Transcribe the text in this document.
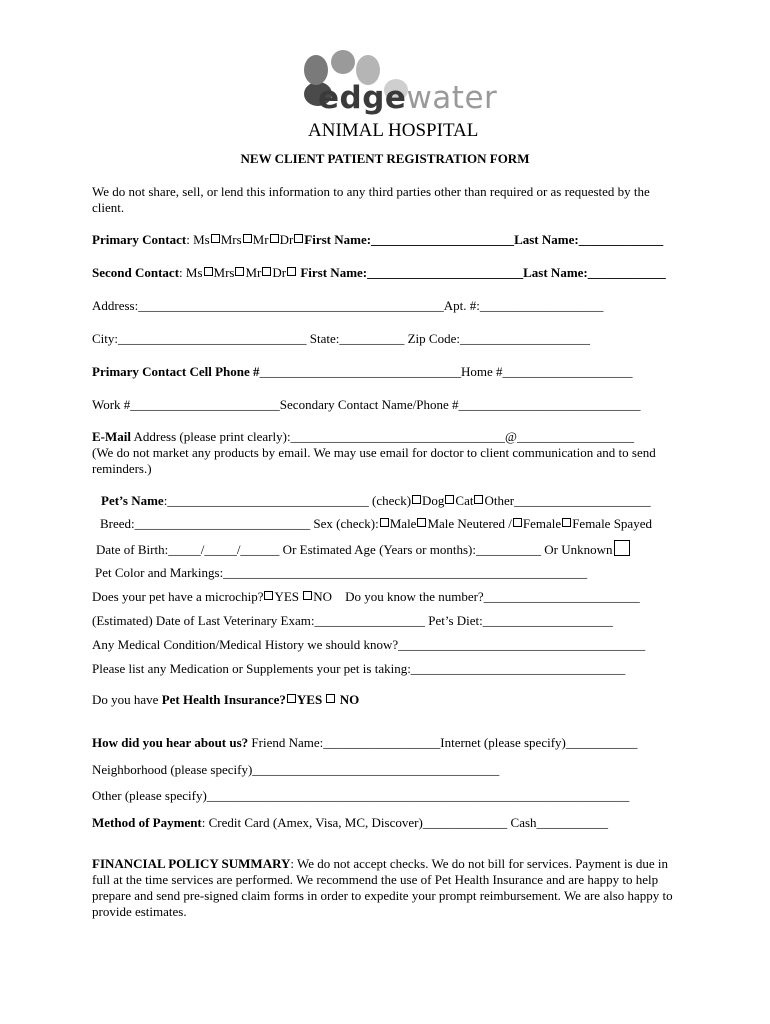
edgewater
ANIMAL HOSPITAL
NEW CLIENT PATIENT REGISTRATION FORM
We do not share, sell, or lend this information to any third parties other than required or as requested by the client.
Primary Contact: Ms Mrs Mr Dr First Name:______________________Last Name:_____________
Second Contact: Ms Mrs Mr Dr First Name:________________________Last Name:____________
Address:_______________________________________________Apt. #:___________________
City:_____________________________ State:__________ Zip Code:____________________
Primary Contact Cell Phone #_______________________________Home #____________________
Work #_______________________Secondary Contact Name/Phone #____________________________
E-Mail Address (please print clearly):_________________________________@__________________
(We do not market any products by email. We may use email for doctor to client communication and to send reminders.)
Pet’s Name:_______________________________ (check) Dog Cat Other_____________________
Breed:___________________________ Sex (check): Male Male Neutered / Female Female Spayed
Date of Birth:_____/_____/______ Or Estimated Age (Years or months):__________ Or Unknown
Pet Color and Markings:________________________________________________________
Does your pet have a microchip? YES NO Do you know the number?________________________
(Estimated) Date of Last Veterinary Exam:_________________ Pet’s Diet:____________________
Any Medical Condition/Medical History we should know?______________________________________
Please list any Medication or Supplements your pet is taking:_________________________________
Do you have Pet Health Insurance? YES NO
How did you hear about us? Friend Name:__________________Internet (please specify)___________
Neighborhood (please specify)______________________________________
Other (please specify)_________________________________________________________________
Method of Payment: Credit Card (Amex, Visa, MC, Discover)_____________ Cash___________
FINANCIAL POLICY SUMMARY: We do not accept checks. We do not bill for services. Payment is due in full at the time services are performed. We recommend the use of Pet Health Insurance and are happy to help prepare and send pre-signed claim forms in order to expedite your prompt reimbursement. We are also happy to provide estimates.
